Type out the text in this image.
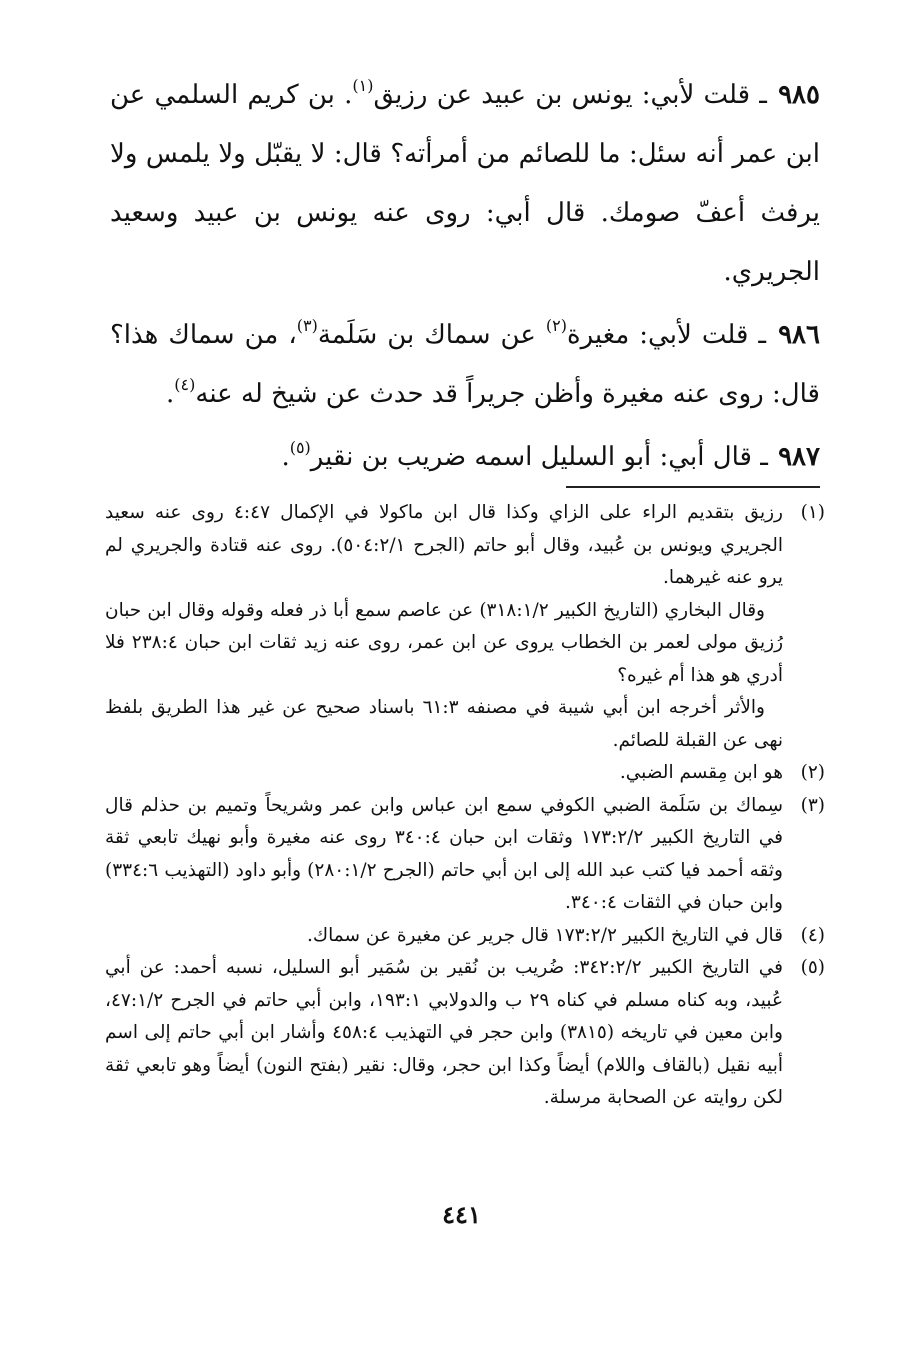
٩٨٥ ـ قلت لأبي: يونس بن عبيد عن رزيق$^{(١)}$. بن كريم السلمي عن ابن عمر أنه سئل: ما للصائم من أمرأته؟ قال: لا يقبّل ولا يلمس ولا يرفث أعفّ صومك. قال أبي: روى عنه يونس بن عبيد وسعيد الجريري.

٩٨٦ ـ قلت لأبي: مغيرة$^{(٢)}$ عن سماك بن سَلَمة$^{(٣)}$، من سماك هذا؟ قال: روى عنه مغيرة وأظن جريراً قد حدث عن شيخ له عنه$^{(٤)}$.

٩٨٧ ـ قال أبي: أبو السليل اسمه ضريب بن نقير$^{(٥)}$.

(١)

رزيق بتقديم الراء على الزاي وكذا قال ابن ماكولا في الإكمال ٤:٤٧ روى عنه سعيد الجريري ويونس بن عُبيد، وقال أبو حاتم (الجرح ٥٠٤:٢/١). روى عنه قتادة والجريري لم يرو عنه غيرهما.

وقال البخاري (التاريخ الكبير ٣١٨:١/٢) عن عاصم سمع أبا ذر فعله وقوله وقال ابن حبان رُزيق مولى لعمر بن الخطاب يروى عن ابن عمر، روى عنه زيد ثقات ابن حبان ٢٣٨:٤ فلا أدري هو هذا أم غيره؟

والأثر أخرجه ابن أبي شيبة في مصنفه ٦١:٣ باسناد صحيح عن غير هذا الطريق بلفظ نهى عن القبلة للصائم.

(٢)

هو ابن مِقسم الضبي.

(٣)

سِماك بن سَلَمة الضبي الكوفي سمع ابن عباس وابن عمر وشريحاً وتميم بن حذلم قال في التاريخ الكبير ١٧٣:٢/٢ وثقات ابن حبان ٣٤٠:٤ روى عنه مغيرة وأبو نهيك تابعي ثقة وثقه أحمد فيا كتب عبد الله إلى ابن أبي حاتم (الجرح ٢٨٠:١/٢) وأبو داود (التهذيب ٣٣٤:٦) وابن حبان في الثقات ٣٤٠:٤.

(٤)

قال في التاريخ الكبير ١٧٣:٢/٢ قال جرير عن مغيرة عن سماك.

(٥)

في التاريخ الكبير ٣٤٢:٢/٢: ضُريب بن نُقير بن سُمَير أبو السليل، نسبه أحمد: عن أبي عُبيد، وبه كناه مسلم في كناه ٢٩ ب والدولابي ١٩٣:١، وابن أبي حاتم في الجرح ٤٧:١/٢، وابن معين في تاريخه (٣٨١٥) وابن حجر في التهذيب ٤٥٨:٤ وأشار ابن أبي حاتم إلى اسم أبيه نقيل (بالقاف واللام) أيضاً وكذا ابن حجر، وقال: نقير (بفتح النون) أيضاً وهو تابعي ثقة لكن روايته عن الصحابة مرسلة.

٤٤١
